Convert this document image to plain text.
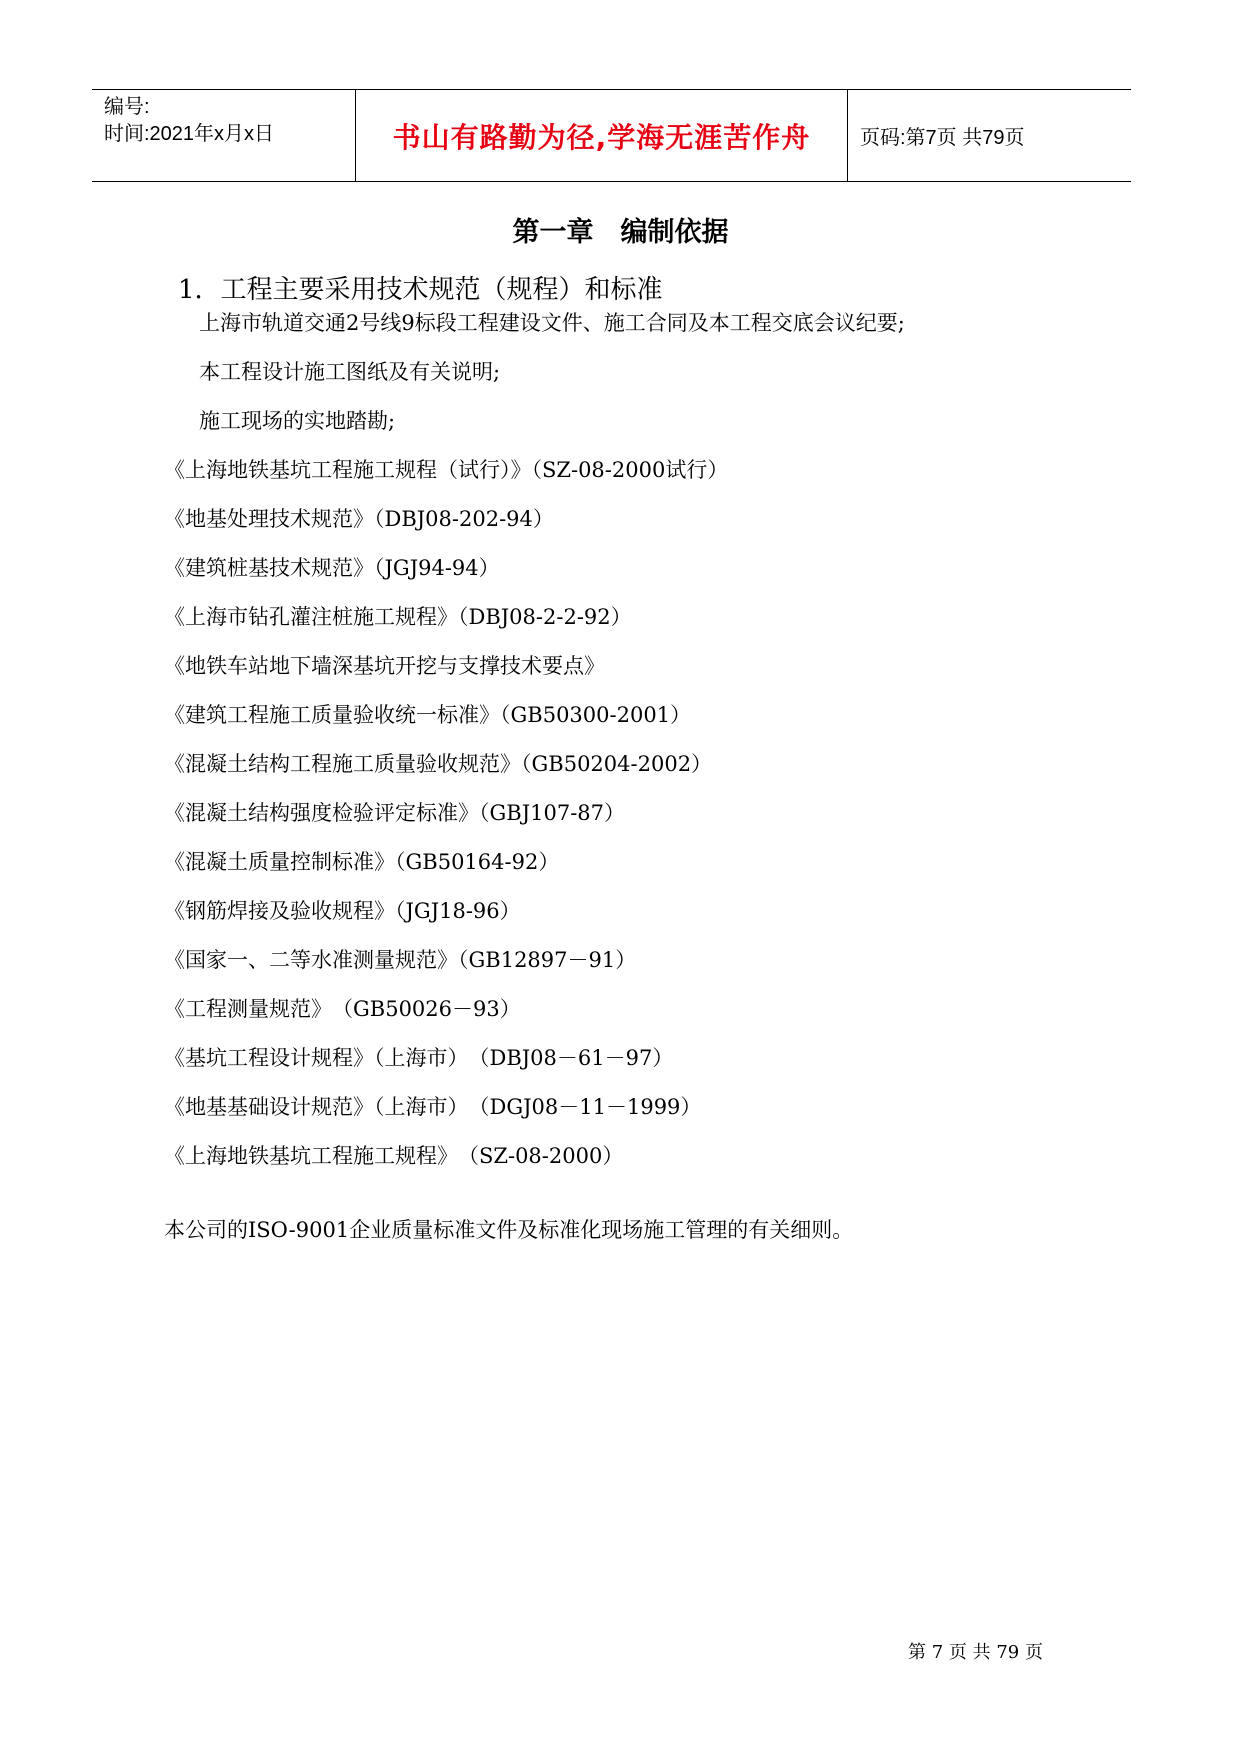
编号:
时间:2021年x月x日	书山有路勤为径,学海无涯苦作舟 页码:第7页 共79页
第一章　编制依据
1．工程主要采用技术规范（规程）和标准
上海市轨道交通2号线9标段工程建设文件、施工合同及本工程交底会议纪要;
本工程设计施工图纸及有关说明;
施工现场的实地踏勘;
《上海地铁基坑工程施工规程（试行）》（SZ-08-2000试行）
《地基处理技术规范》（DBJ08-202-94）
《建筑桩基技术规范》（JGJ94-94）
《上海市钻孔灌注桩施工规程》（DBJ08-2-2-92）
《地铁车站地下墙深基坑开挖与支撑技术要点》
《建筑工程施工质量验收统一标准》（GB50300-2001）
《混凝土结构工程施工质量验收规范》（GB50204-2002）
《混凝土结构强度检验评定标准》（GBJ107-87）
《混凝土质量控制标准》（GB50164-92）
《钢筋焊接及验收规程》（JGJ18-96）
《国家一、二等水准测量规范》（GB12897－91）
《工程测量规范》　（GB50026－93）
《基坑工程设计规程》（上海市）　（DBJ08－61－97）
《地基基础设计规范》（上海市）　（DGJ08－11－1999）
《上海地铁基坑工程施工规程》　（SZ-08-2000）
本公司的ISO-9001企业质量标准文件及标准化现场施工管理的有关细则。
第 7 页 共 79 页
